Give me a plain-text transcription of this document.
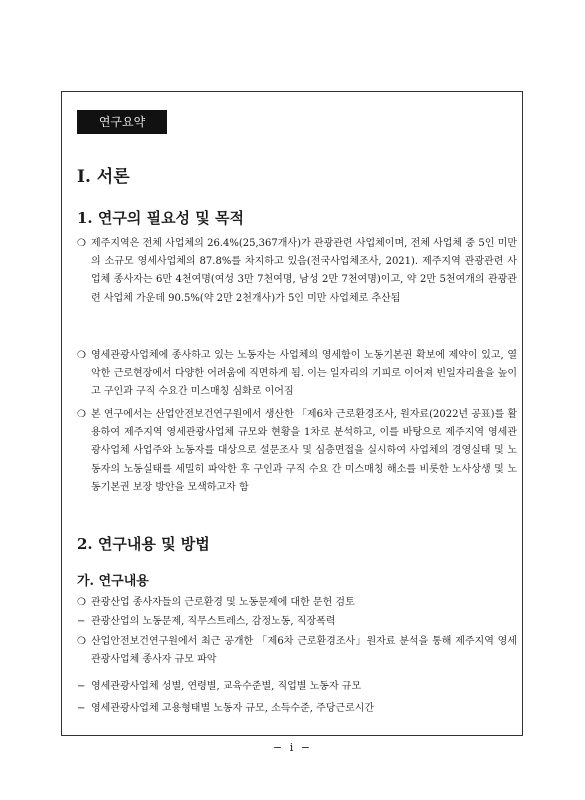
연구요약
I. 서론
1. 연구의 필요성 및 목적
❍ 제주지역은 전체 사업체의 26.4%(25,367개사)가 관광관련 사업체이며, 전체 사업체 중 5인 미만의 소규모 영세사업체의 87.8%를 차지하고 있음(전국사업체조사, 2021). 제주지역 관광관련 사업체 종사자는 6만 4천여명(여성 3만 7천여명, 남성 2만 7천여명)이고, 약 2만 5천여개의 관광관련 사업체 가운데 90.5%(약 2만 2천개사)가 5인 미만 사업체로 추산됨
❍ 영세관광사업체에 종사하고 있는 노동자는 사업체의 영세함이 노동기본권 확보에 제약이 있고, 열악한 근로현장에서 다양한 어려움에 직면하게 됨. 이는 일자리의 기피로 이어져 빈일자리율을 높이고 구인과 구직 수요간 미스매칭 심화로 이어짐
❍ 본 연구에서는 산업안전보건연구원에서 생산한 「제6차 근로환경조사, 원자료(2022년 공표)를 활용하여 제주지역 영세관광사업체 규모와 현황을 1차로 분석하고, 이를 바탕으로 제주지역 영세관광사업체 사업주와 노동자를 대상으로 설문조사 및 심층면접을 실시하여 사업체의 경영실태 및 노동자의 노동실태를 세밀히 파악한 후 구인과 구직 수요 간 미스매칭 해소를 비롯한 노사상생 및 노동기본권 보장 방안을 모색하고자 함
2. 연구내용 및 방법
가. 연구내용
❍ 관광산업 종사자들의 근로환경 및 노동문제에 대한 문헌 검토
− 관광산업의 노동문제, 직무스트레스, 감정노동, 직장폭력
❍ 산업안전보건연구원에서 최근 공개한 「제6차 근로환경조사」원자료 분석을 통해 제주지역 영세관광사업체 종사자 규모 파악
− 영세관광사업체 성별, 연령별, 교육수준별, 직업별 노동자 규모
− 영세관광사업체 고용형태별 노동자 규모, 소득수준, 주당근로시간
− i −
